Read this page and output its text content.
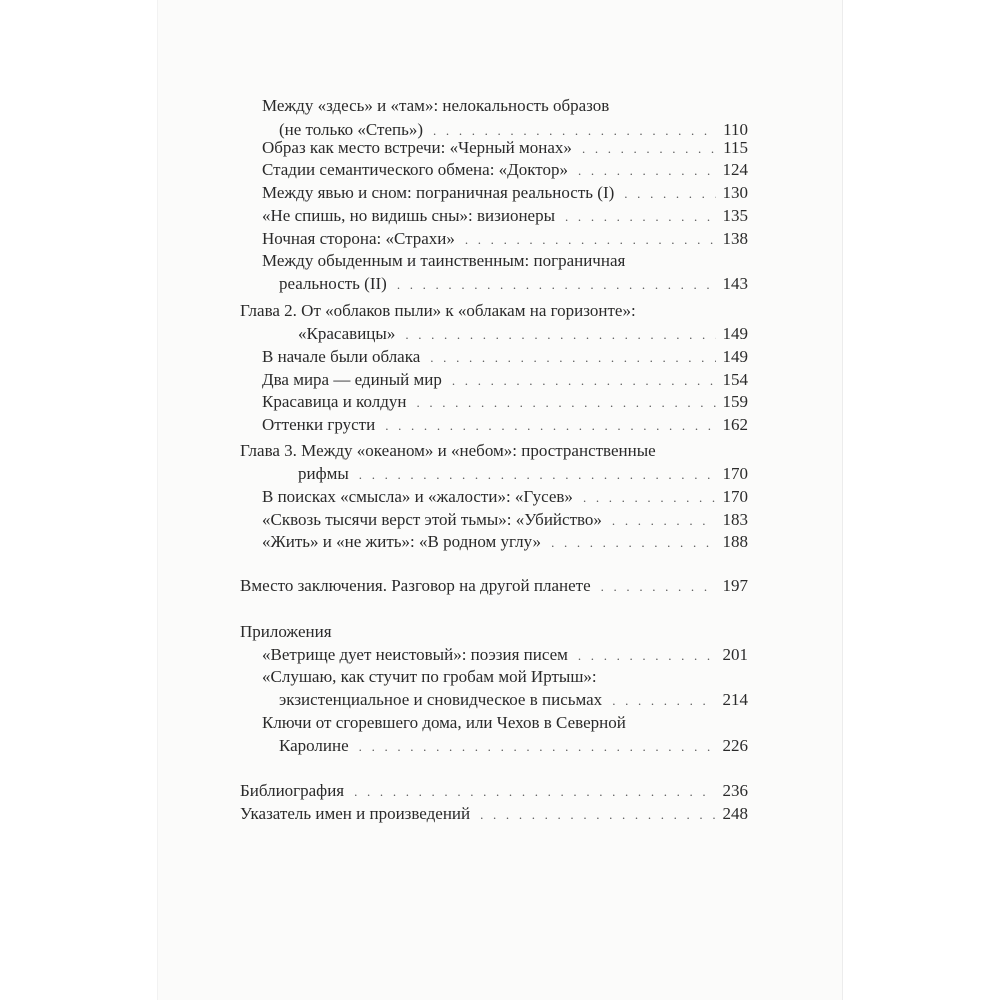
Между «здесь» и «там»: нелокальность образов
(не только «Степь») . . .	110
Образ как место встречи: «Черный монах» . . .	115
Стадии семантического обмена: «Доктор» . . .	124
Между явью и сном: пограничная реальность (I) . . .	130
«Не спишь, но видишь сны»: визионеры . . .	135
Ночная сторона: «Страхи» . . .	138
Между обыденным и таинственным: пограничная
реальность (II) . . .	143
Глава 2. От «облаков пыли» к «облакам на горизонте»:
«Красавицы» . . .	149
В начале были облака . . .	149
Два мира — единый мир . . .	154
Красавица и колдун . . .	159
Оттенки грусти . . .	162
Глава 3. Между «океаном» и «небом»: пространственные
рифмы . . .	170
В поисках «смысла» и «жалости»: «Гусев» . . .	170
«Сквозь тысячи верст этой тьмы»: «Убийство» . . .	183
«Жить» и «не жить»: «В родном углу» . . .	188
Вместо заключения. Разговор на другой планете . . .	197
Приложения
«Ветрище дует неистовый»: поэзия писем . . .	201
«Слушаю, как стучит по гробам мой Иртыш»:
экзистенциальное и сновидческое в письмах . . .	214
Ключи от сгоревшего дома, или Чехов в Северной
Каролине . . .	226
Библиография . . .	236
Указатель имен и произведений . . .	248
